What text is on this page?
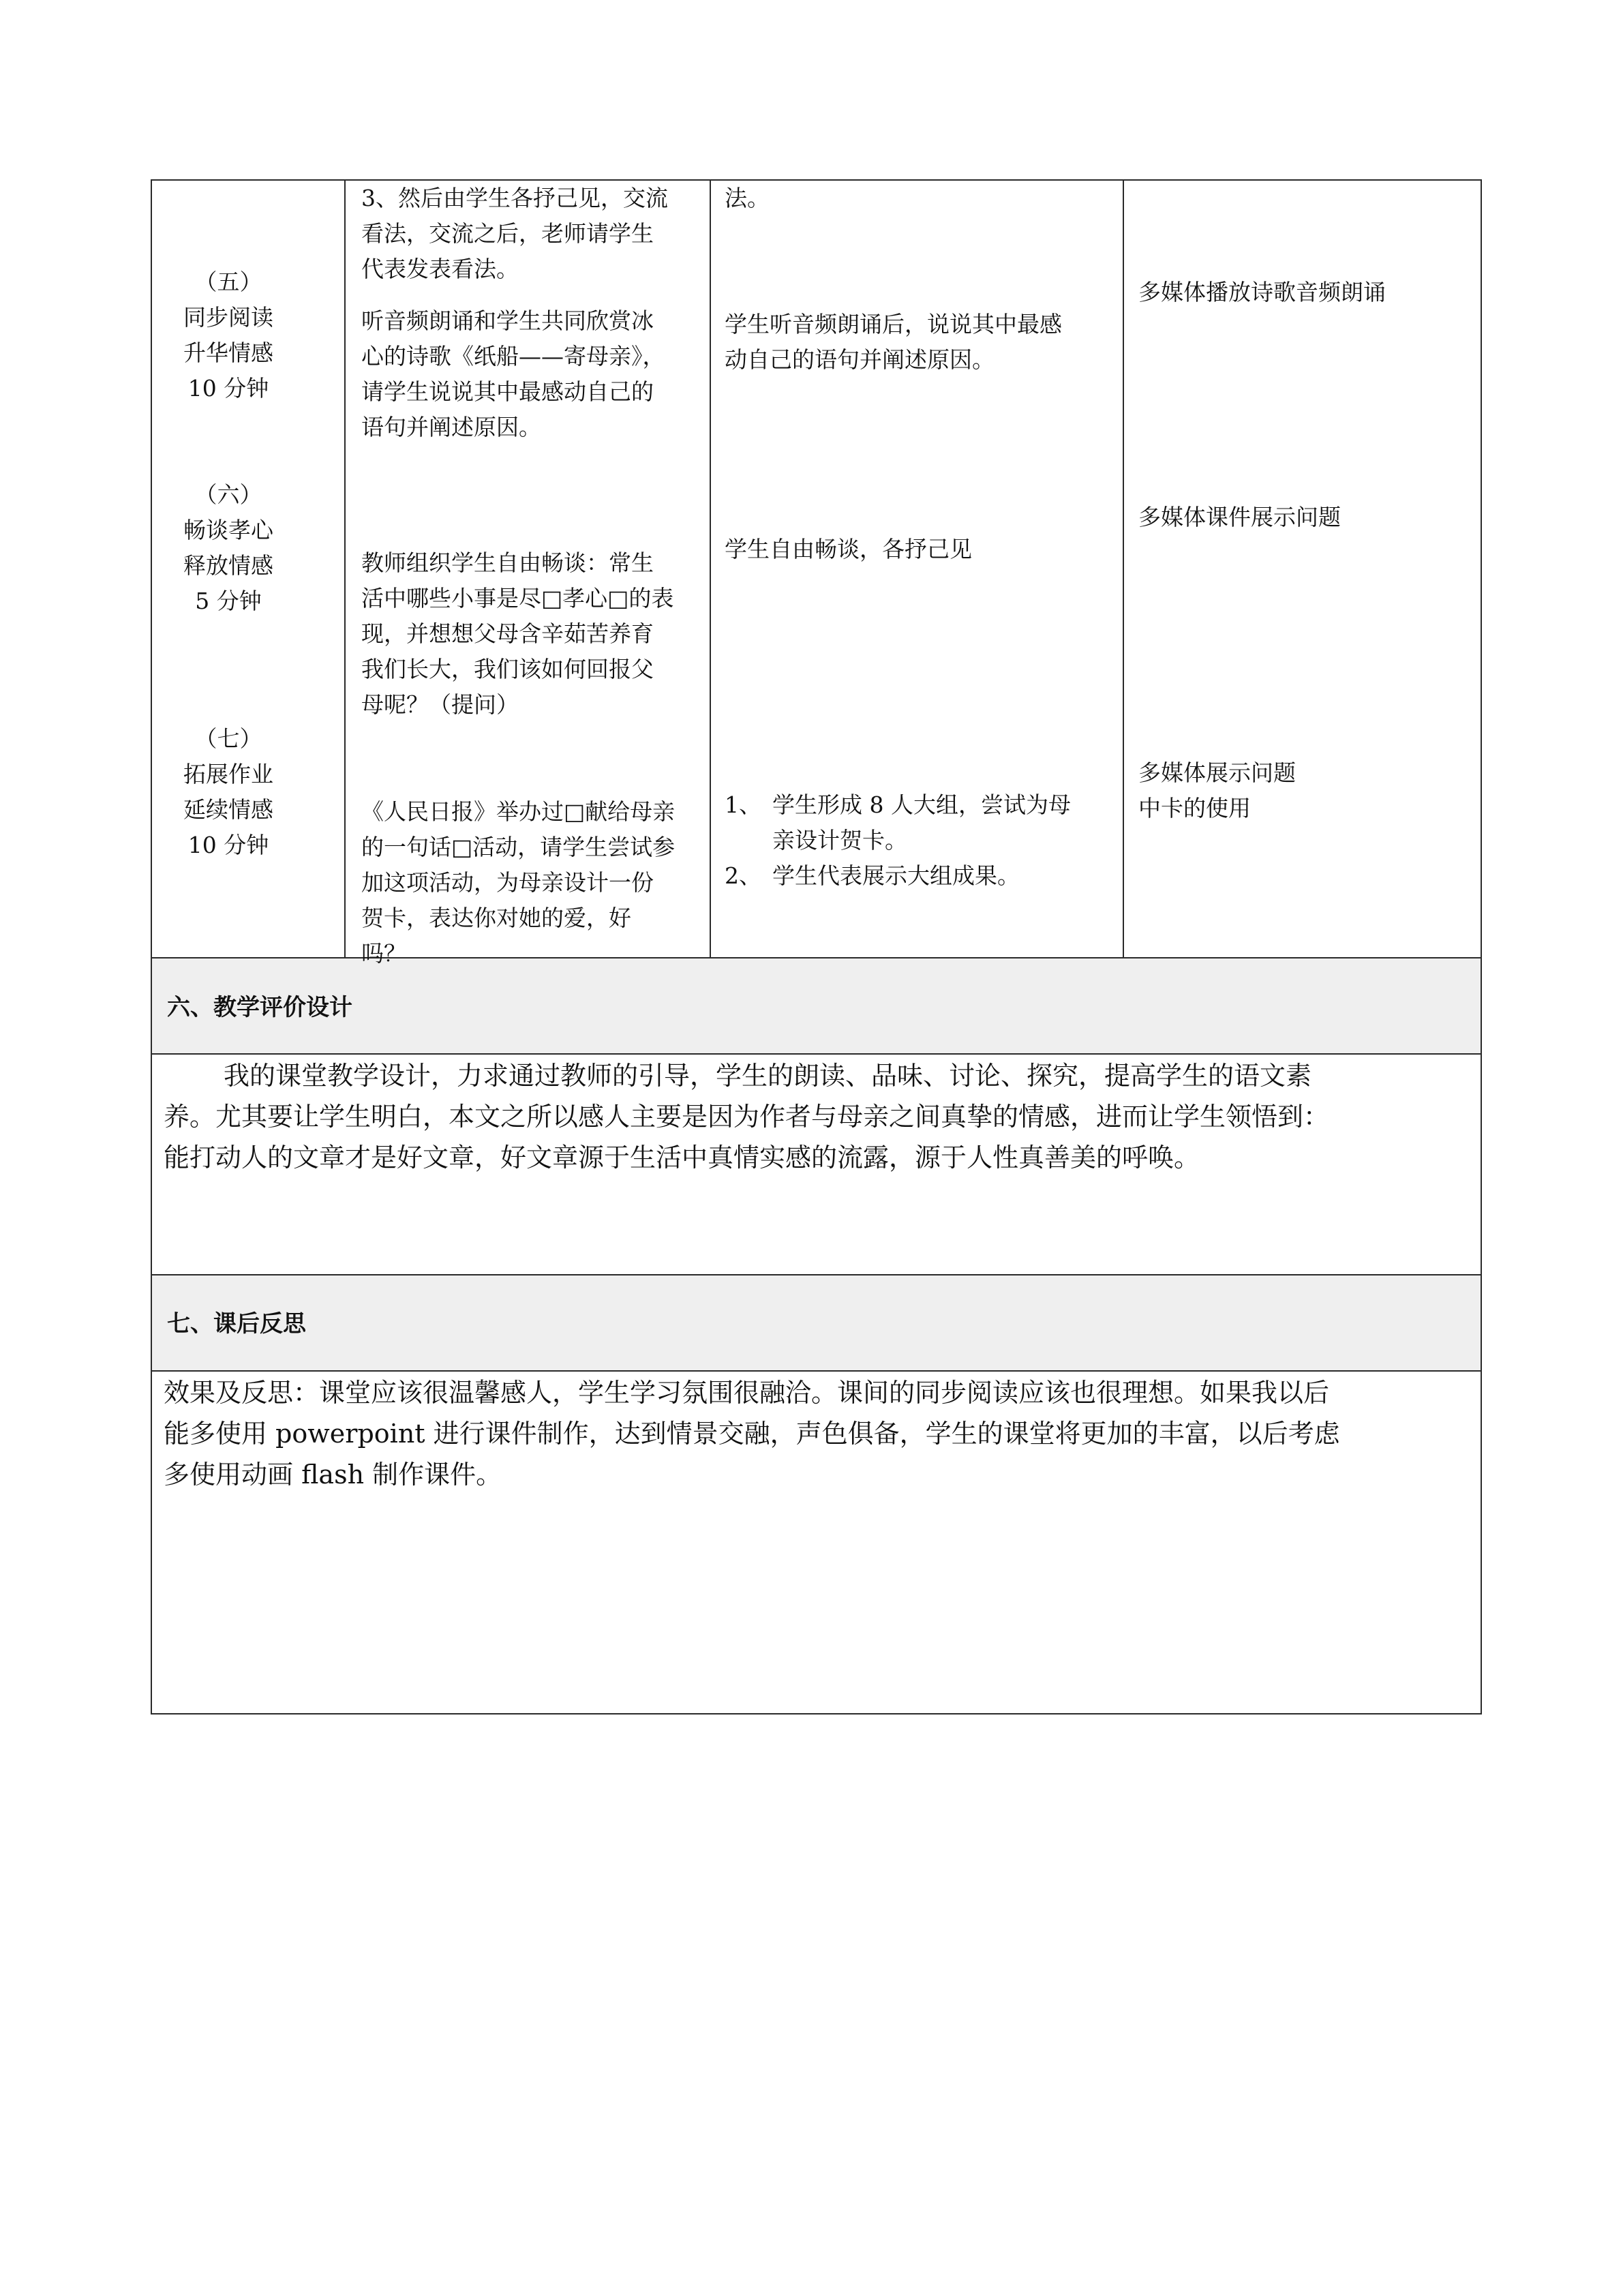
（五）
同步阅读
升华情感
10 分钟
3、然后由学生各抒己见，交流
看法，交流之后，老师请学生
代表发表看法。
听音频朗诵和学生共同欣赏冰
心的诗歌《纸船——寄母亲》，
请学生说说其中最感动自己的
语句并阐述原因。
法。
学生听音频朗诵后，说说其中最感
动自己的语句并阐述原因。
多媒体播放诗歌音频朗诵
（六）
畅谈孝心
释放情感
5 分钟
教师组织学生自由畅谈：常生
活中哪些小事是尽□孝心□的表
现，并想想父母含辛茹苦养育
我们长大，我们该如何回报父
母呢？（提问）
学生自由畅谈，各抒己见
多媒体课件展示问题
（七）
拓展作业
延续情感
10 分钟
《人民日报》举办过□献给母亲
的一句话□活动，请学生尝试参
加这项活动，为母亲设计一份
贺卡，表达你对她的爱，好
吗？
1、 学生形成 8 人大组，尝试为母
亲设计贺卡。
2、 学生代表展示大组成果。
多媒体展示问题
中卡的使用
六、教学评价设计
我的课堂教学设计，力求通过教师的引导，学生的朗读、品味、讨论、探究，提高学生的语文素
养。尤其要让学生明白，本文之所以感人主要是因为作者与母亲之间真挚的情感，进而让学生领悟到：
能打动人的文章才是好文章，好文章源于生活中真情实感的流露，源于人性真善美的呼唤。
七、课后反思
效果及反思：课堂应该很温馨感人，学生学习氛围很融洽。课间的同步阅读应该也很理想。如果我以后
能多使用 powerpoint 进行课件制作，达到情景交融，声色俱备，学生的课堂将更加的丰富，以后考虑
多使用动画 flash 制作课件。
